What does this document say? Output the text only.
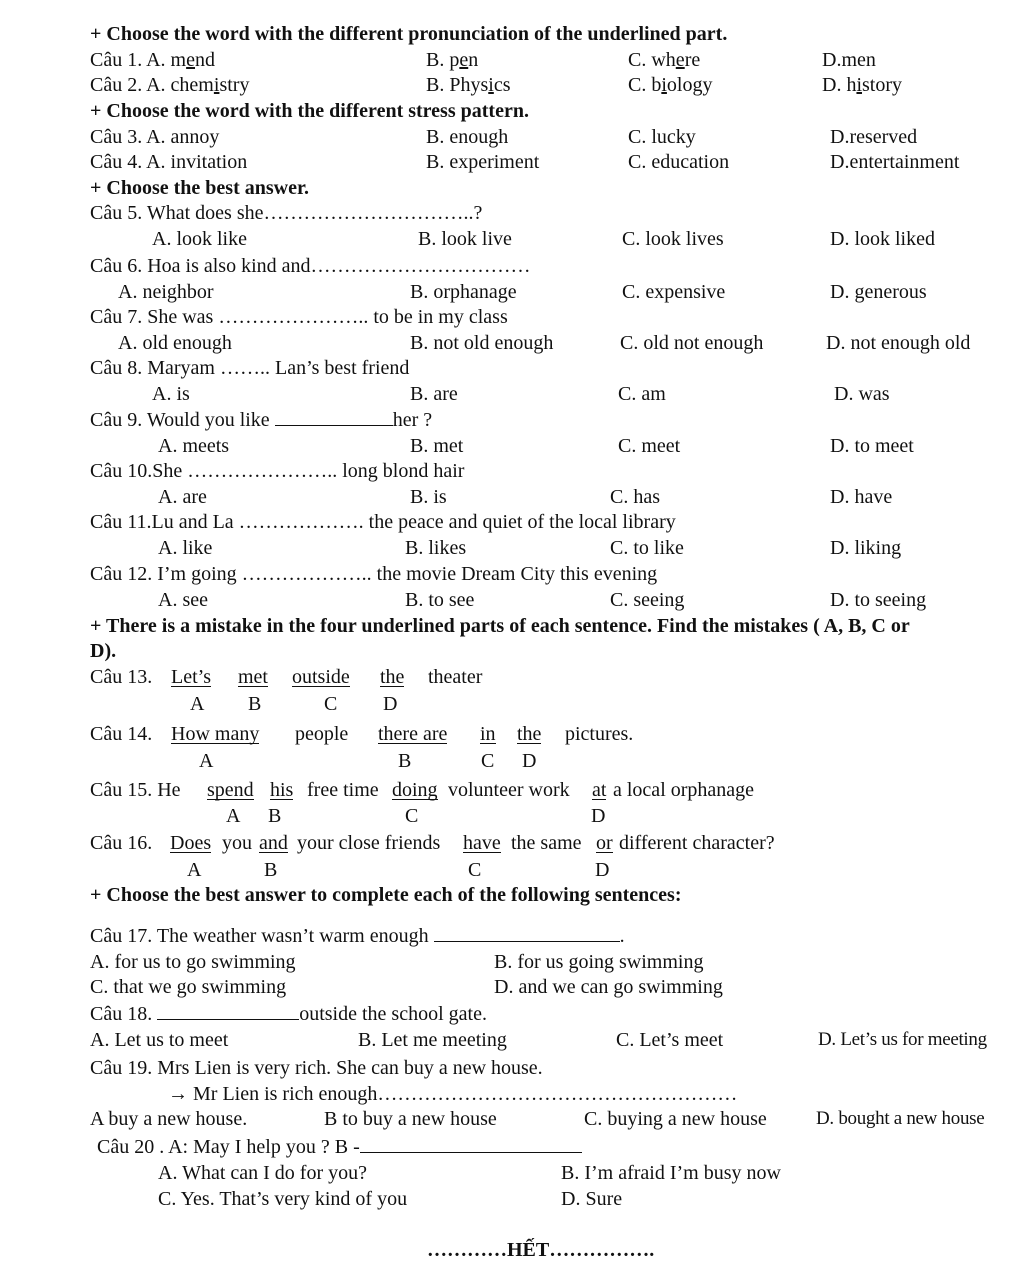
+ Choose the word with the different pronunciation of the underlined part.
Câu 1. A. mend	B. pen	C. where	D.men
Câu 2. A. chemistry	B. Physics	C. biology	D. history
+ Choose the word with the different stress pattern.
Câu 3. A. annoy	B. enough	C. lucky	D.reserved
Câu 4. A. invitation	B. experiment	C. education	D.entertainment
+ Choose the best answer.
Câu 5. What does she…………………………..?
A. look like	B. look live	C. look lives	D. look liked
Câu 6. Hoa is also kind and……………………………
A. neighbor	B. orphanage	C. expensive	D. generous
Câu 7. She was ………………….. to be in my class
A. old enough	B. not old enough	C. old not enough	D. not enough old
Câu 8. Maryam …….. Lan’s best friend
A. is	B. are	C. am	D. was
Câu 9. Would you like	her ?
A. meets	B. met	C. meet	D. to meet
Câu 10.She ………………….. long blond hair
A. are	B. is	C. has	D. have
Câu 11.Lu and La ………………. the peace and quiet of the local library
A. like	B. likes	C. to like	D. liking
Câu 12. I’m going ……………….. the movie Dream City this evening
A. see	B. to see	C. seeing	D. to seeing
+ There is a mistake in the four underlined parts of each sentence. Find the mistakes ( A, B, C or
D).
Câu 13. Let’s met outside the theater
A B	C D
Câu 14. How many people there are in the pictures.
A	B	C D
Câu 15. He spend his free time doing volunteer work at a local orphanage
A B	C	D
Câu 16. Does you and your close friends have the same or different character?
A	B	C	D
+ Choose the best answer to complete each of the following sentences:
Câu 17. The weather wasn’t warm enough	.
A. for us to go swimming	B. for us going swimming
C. that we go swimming	D. and we can go swimming
Câu 18.	outside the school gate.
A. Let us to meet	B. Let me meeting	C. Let’s meet	D. Let’s us for meeting
Câu 19. Mrs Lien is very rich. She can buy a new house.
→ Mr Lien is rich enough………………………………………………
A buy a new house.	B to buy a new house	C. buying a new house	D. bought a new house
Câu 20 . A: May I help you ? B -
A. What can I do for you?	B. I’m afraid I’m busy now
C. Yes. That’s very kind of you	D. Sure
…………HẾT…………….
